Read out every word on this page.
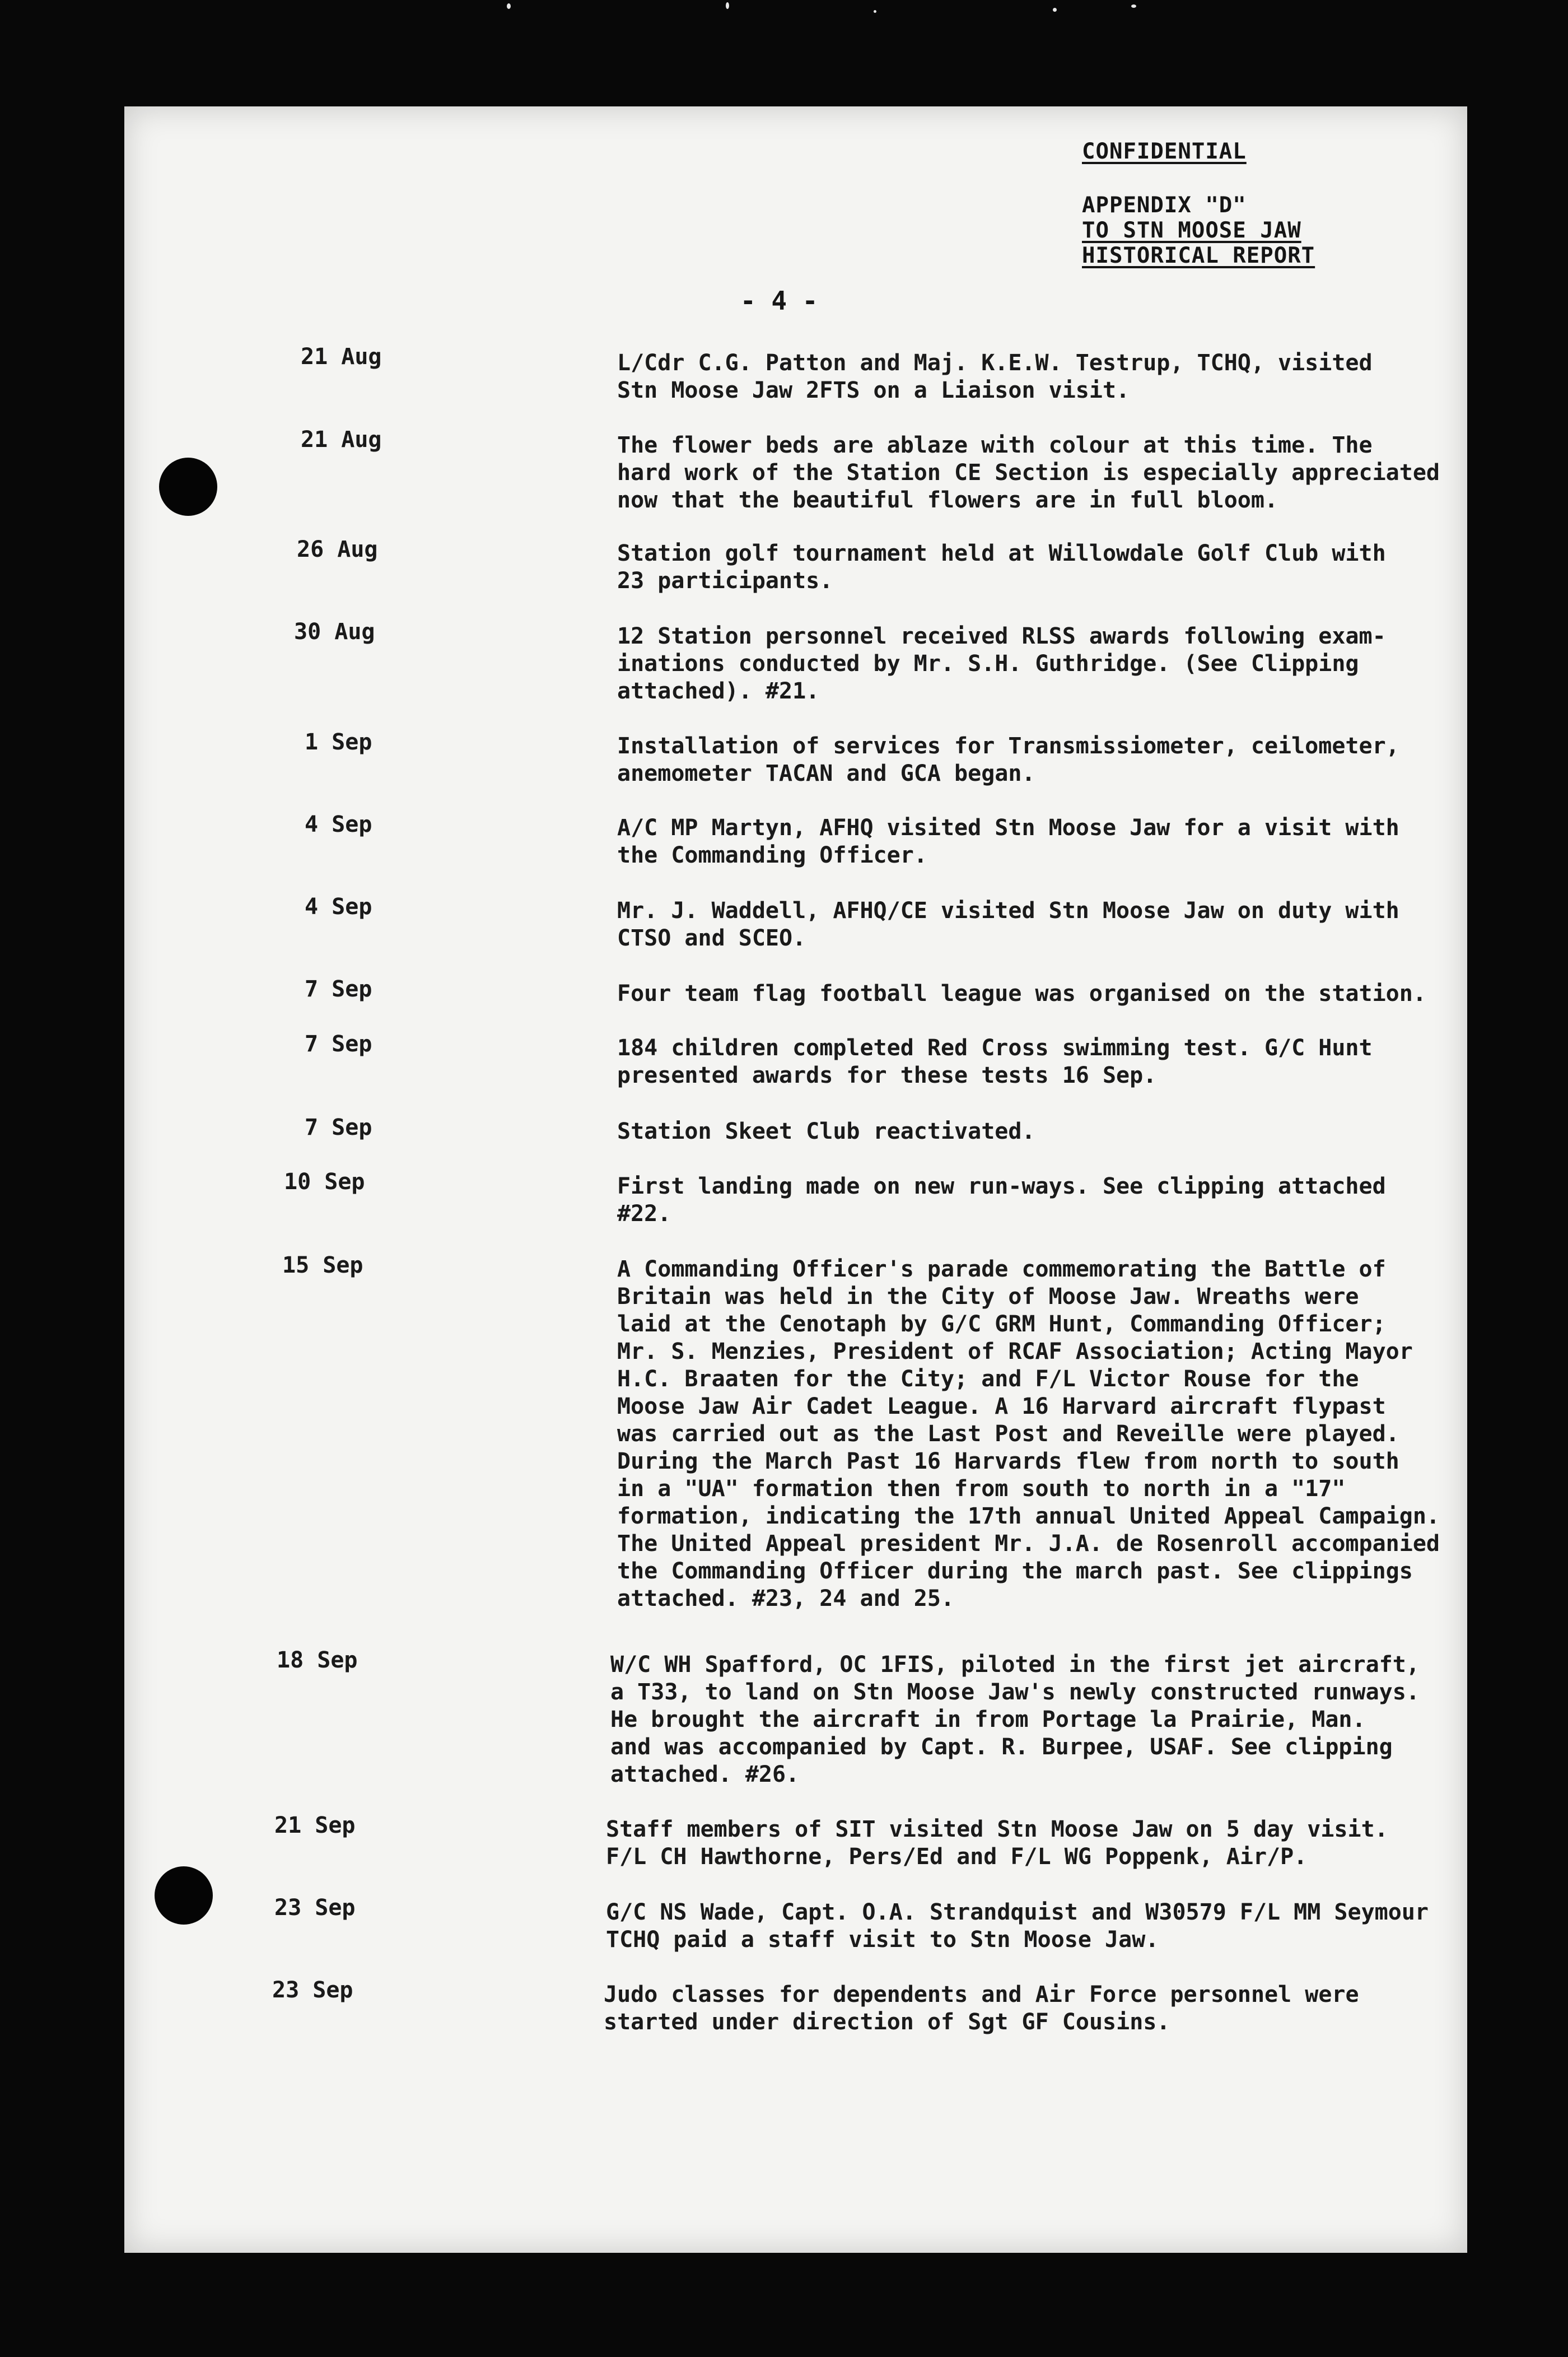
CONFIDENTIAL
APPENDIX "D"
TO STN MOOSE JAW
HISTORICAL REPORT
- 4 -
21 Aug	L/Cdr C.G. Patton and Maj. K.E.W. Testrup, TCHQ, visited
Stn Moose Jaw 2FTS on a Liaison visit.
21 Aug	The flower beds are ablaze with colour at this time. The
hard work of the Station CE Section is especially appreciated
now that the beautiful flowers are in full bloom.
26 Aug	Station golf tournament held at Willowdale Golf Club with
23 participants.
30 Aug	12 Station personnel received RLSS awards following exam-
inations conducted by Mr. S.H. Guthridge. (See Clipping
attached). #21.
1 Sep	Installation of services for Transmissiometer, ceilometer,
anemometer TACAN and GCA began.
4 Sep	A/C MP Martyn, AFHQ visited Stn Moose Jaw for a visit with
the Commanding Officer.
4 Sep	Mr. J. Waddell, AFHQ/CE visited Stn Moose Jaw on duty with
CTSO and SCEO.
7 Sep	Four team flag football league was organised on the station.
7 Sep	184 children completed Red Cross swimming test. G/C Hunt
presented awards for these tests 16 Sep.
7 Sep	Station Skeet Club reactivated.
10 Sep	First landing made on new run-ways. See clipping attached
#22.
15 Sep	A Commanding Officer's parade commemorating the Battle of
Britain was held in the City of Moose Jaw. Wreaths were
laid at the Cenotaph by G/C GRM Hunt, Commanding Officer;
Mr. S. Menzies, President of RCAF Association; Acting Mayor
H.C. Braaten for the City; and F/L Victor Rouse for the
Moose Jaw Air Cadet League. A 16 Harvard aircraft flypast
was carried out as the Last Post and Reveille were played.
During the March Past 16 Harvards flew from north to south
in a "UA" formation then from south to north in a "17"
formation, indicating the 17th annual United Appeal Campaign.
The United Appeal president Mr. J.A. de Rosenroll accompanied
the Commanding Officer during the march past. See clippings
attached. #23, 24 and 25.
18 Sep	W/C WH Spafford, OC 1FIS, piloted in the first jet aircraft,
a T33, to land on Stn Moose Jaw's newly constructed runways.
He brought the aircraft in from Portage la Prairie, Man.
and was accompanied by Capt. R. Burpee, USAF. See clipping
attached. #26.
21 Sep	Staff members of SIT visited Stn Moose Jaw on 5 day visit.
F/L CH Hawthorne, Pers/Ed and F/L WG Poppenk, Air/P.
23 Sep	G/C NS Wade, Capt. O.A. Strandquist and W30579 F/L MM Seymour
TCHQ paid a staff visit to Stn Moose Jaw.
23 Sep	Judo classes for dependents and Air Force personnel were
started under direction of Sgt GF Cousins.
